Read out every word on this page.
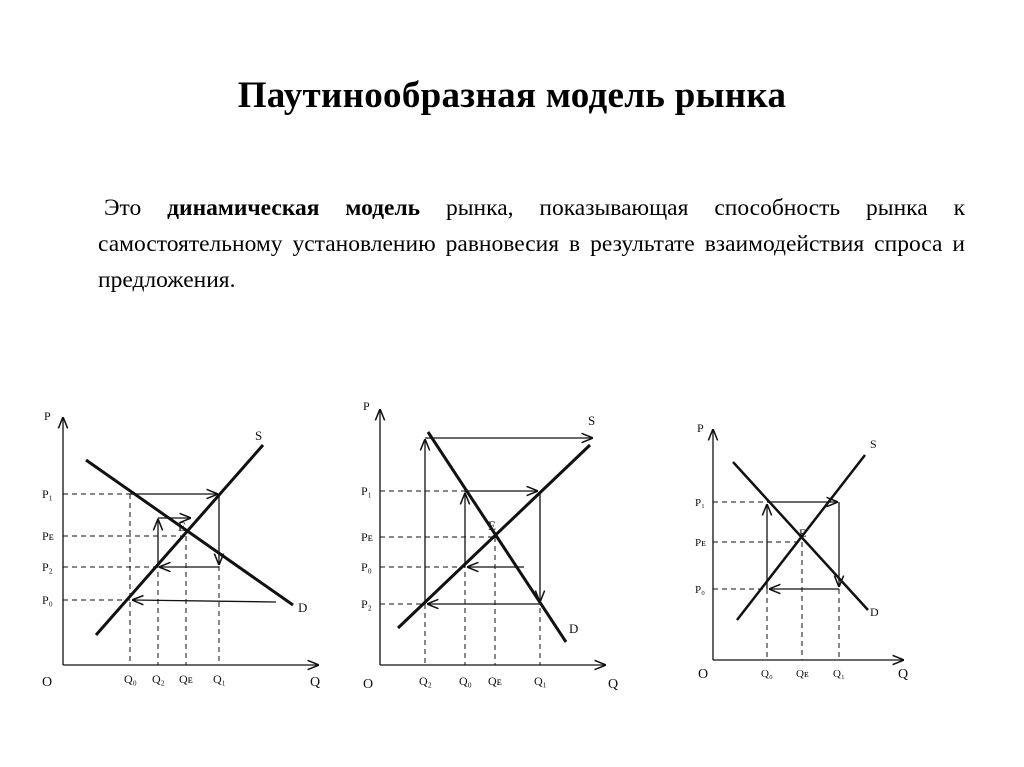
Паутинообразная модель рынка
Это динамическая модель рынка, показывающая способность рынка к самостоятельному установлению равновесия в результате взаимодействия спроса и предложения.
P
Q
O
S
D
E
P₁
Pᴇ
P₂
P₀
Q₀ Q₂ Qᴇ Q₁
P
Q
O
S
D
E
P₁
Pᴇ
P₀
P₂
Q₂ Q₀ Qᴇ	Q₁
P
Q
O
S
D
E
P₁
Pᴇ
P₀
Q₀ Qᴇ Q₁
